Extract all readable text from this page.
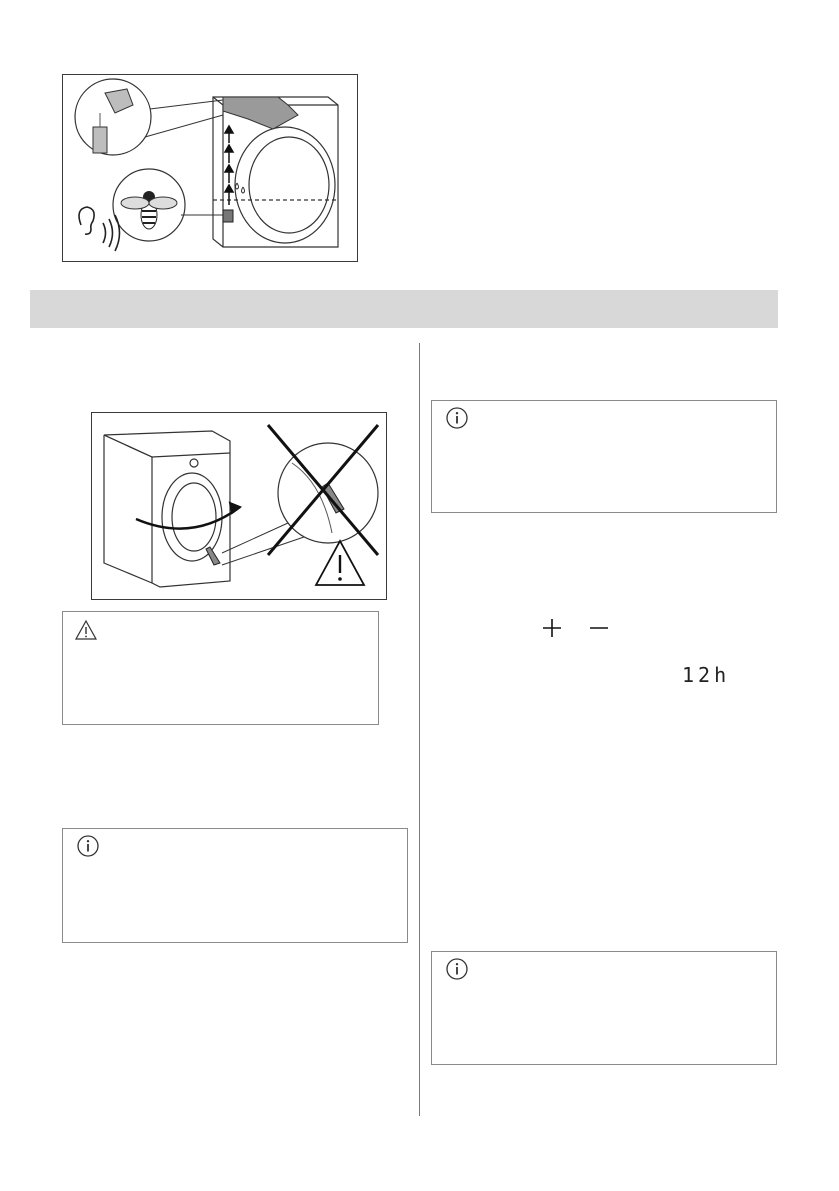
12h
